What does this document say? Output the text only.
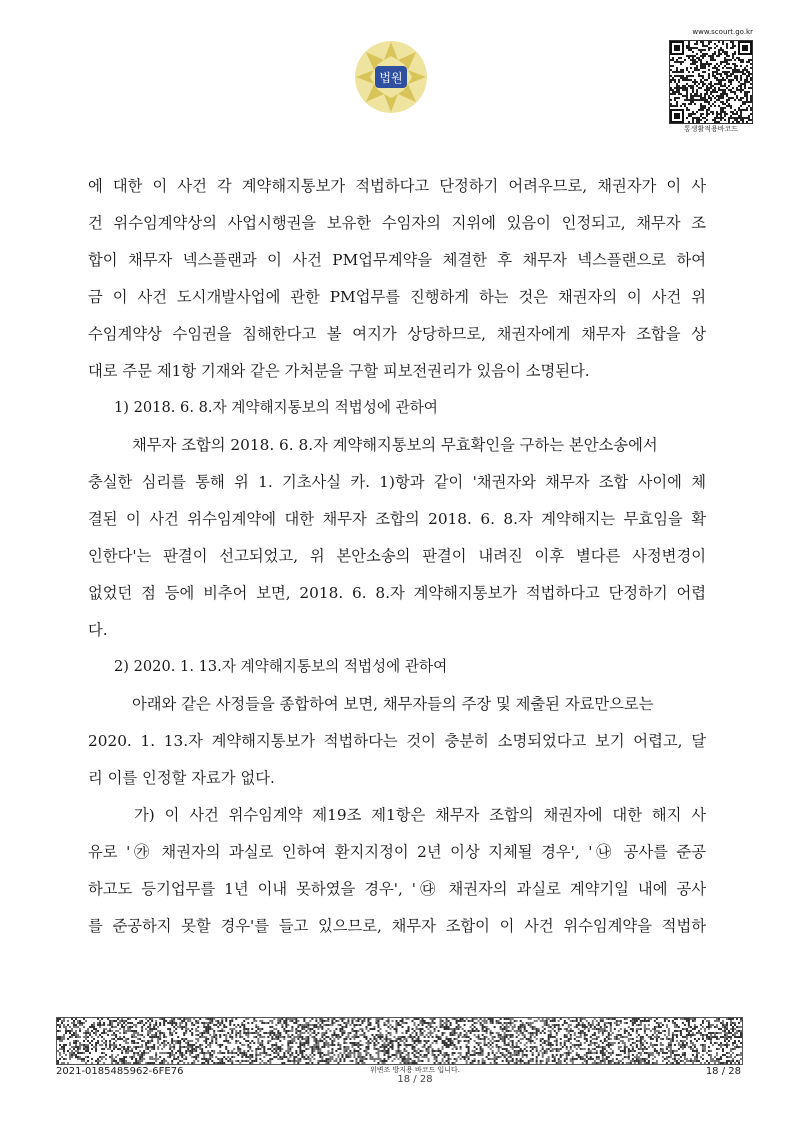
법원
www.scourt.go.kr
통생활적용바코드
에 대한 이 사건 각 계약해지통보가 적법하다고 단정하기 어려우므로, 채권자가 이 사
건 위수임계약상의 사업시행권을 보유한 수임자의 지위에 있음이 인정되고, 채무자 조
합이 채무자 넥스플랜과 이 사건 PM업무계약을 체결한 후 채무자 넥스플랜으로 하여
금 이 사건 도시개발사업에 관한 PM업무를 진행하게 하는 것은 채권자의 이 사건 위
수임계약상 수임권을 침해한다고 볼 여지가 상당하므로, 채권자에게 채무자 조합을 상
대로 주문 제1항 기재와 같은 가처분을 구할 피보전권리가 있음이 소명된다.
1) 2018. 6. 8.자 계약해지통보의 적법성에 관하여
채무자 조합의 2018. 6. 8.자 계약해지통보의 무효확인을 구하는 본안소송에서
충실한 심리를 통해 위 1. 기초사실 카. 1)항과 같이 '채권자와 채무자 조합 사이에 체
결된 이 사건 위수임계약에 대한 채무자 조합의 2018. 6. 8.자 계약해지는 무효임을 확
인한다'는 판결이 선고되었고, 위 본안소송의 판결이 내려진 이후 별다른 사정변경이
없었던 점 등에 비추어 보면, 2018. 6. 8.자 계약해지통보가 적법하다고 단정하기 어렵
다.
2) 2020. 1. 13.자 계약해지통보의 적법성에 관하여
아래와 같은 사정들을 종합하여 보면, 채무자들의 주장 및 제출된 자료만으로는
2020. 1. 13.자 계약해지통보가 적법하다는 것이 충분히 소명되었다고 보기 어렵고, 달
리 이를 인정할 자료가 없다.
가) 이 사건 위수임계약 제19조 제1항은 채무자 조합의 채권자에 대한 해지 사
유로 '㉮ 채권자의 과실로 인하여 환지지정이 2년 이상 지체될 경우', '㉯ 공사를 준공
하고도 등기업무를 1년 이내 못하였을 경우', '㉰ 채권자의 과실로 계약기일 내에 공사
를 준공하지 못할 경우'를 들고 있으므로, 채무자 조합이 이 사건 위수임계약을 적법하
2021-0185485962-6FE76	위변조 방지용 바코드 입니다.
18 / 28
18 / 28
